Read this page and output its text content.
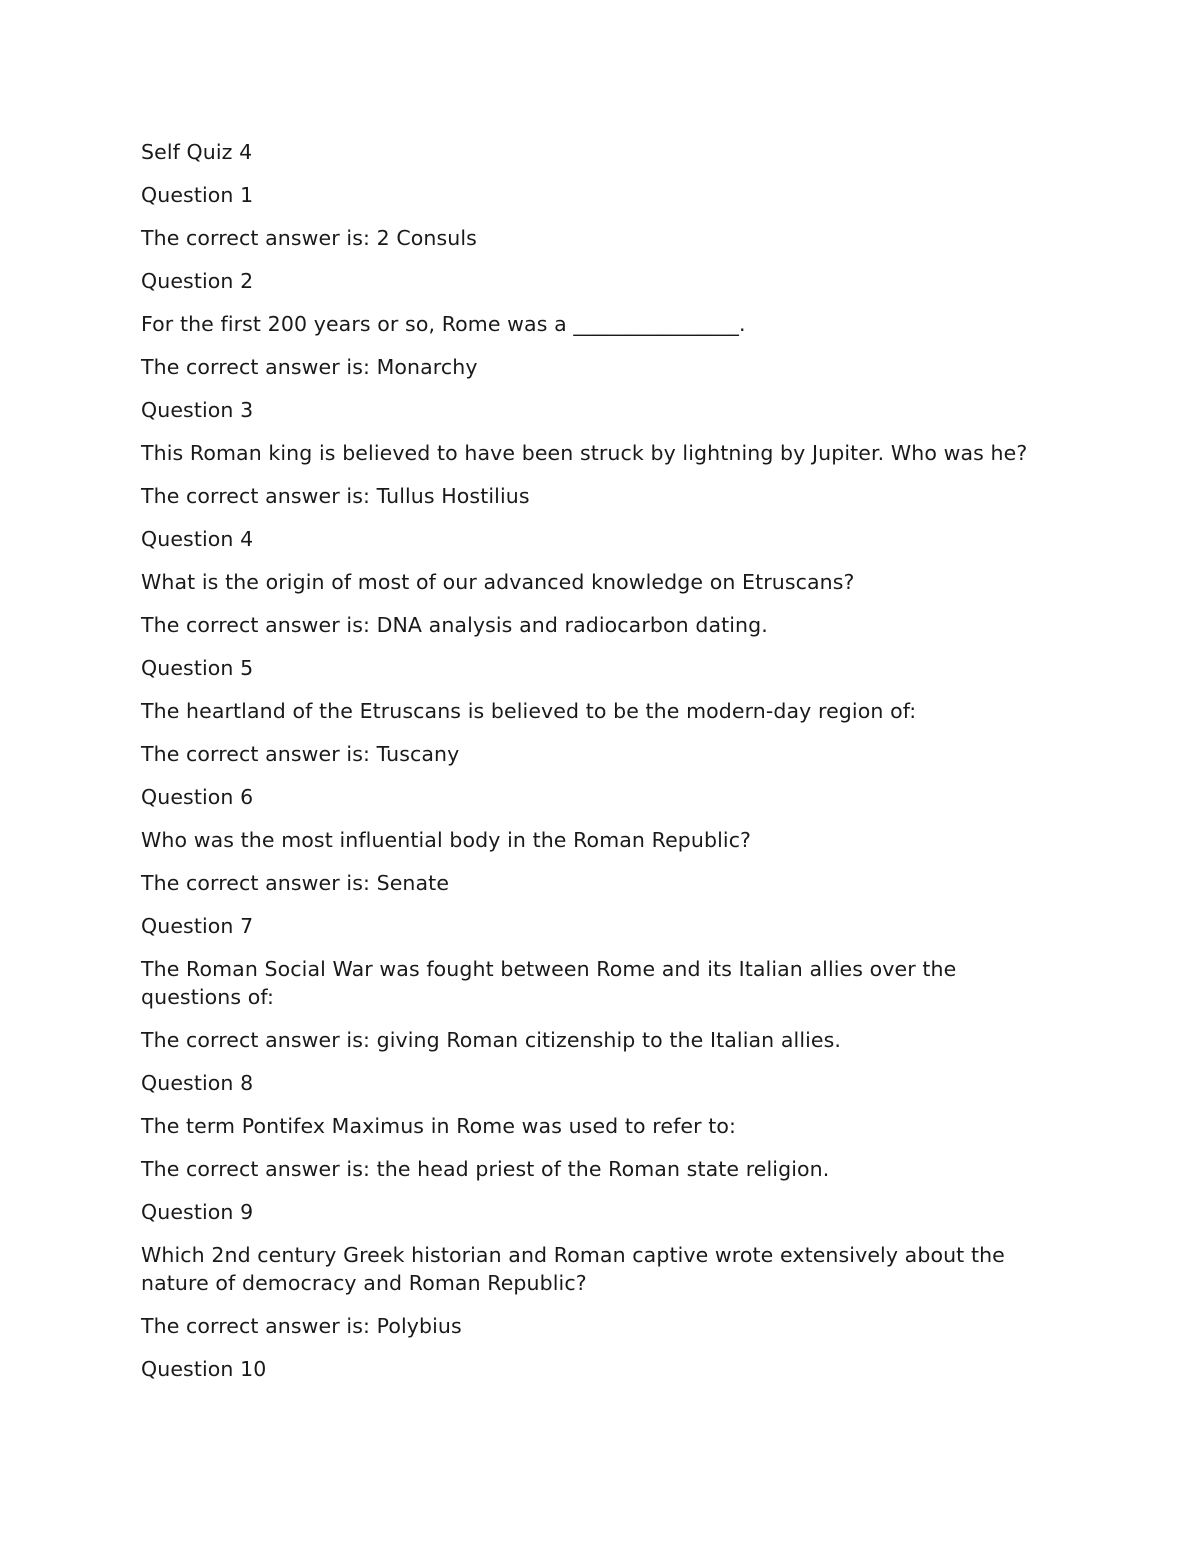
Self Quiz 4

Question 1

The correct answer is: 2 Consuls

Question 2

For the first 200 years or so, Rome was a ________________.

The correct answer is: Monarchy

Question 3

This Roman king is believed to have been struck by lightning by Jupiter. Who was he?

The correct answer is: Tullus Hostilius

Question 4

What is the origin of most of our advanced knowledge on Etruscans?

The correct answer is: DNA analysis and radiocarbon dating.

Question 5

The heartland of the Etruscans is believed to be the modern-day region of:

The correct answer is: Tuscany

Question 6

Who was the most influential body in the Roman Republic?

The correct answer is: Senate

Question 7

The Roman Social War was fought between Rome and its Italian allies over the questions of:

The correct answer is: giving Roman citizenship to the Italian allies.

Question 8

The term Pontifex Maximus in Rome was used to refer to:

The correct answer is: the head priest of the Roman state religion.

Question 9

Which 2nd century Greek historian and Roman captive wrote extensively about the nature of democracy and Roman Republic?

The correct answer is: Polybius

Question 10
